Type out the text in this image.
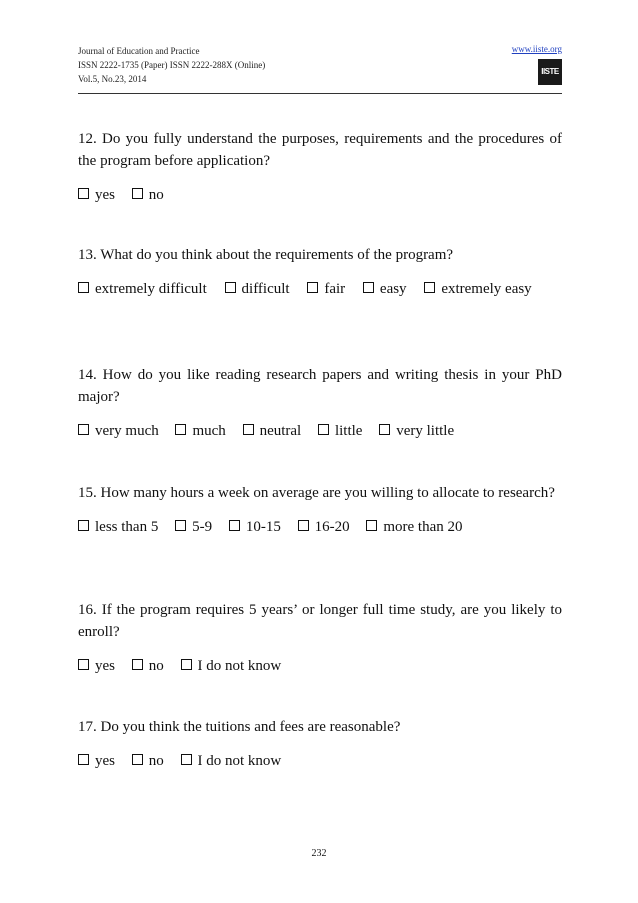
Journal of Education and Practice
ISSN 2222-1735 (Paper) ISSN 2222-288X (Online)
Vol.5, No.23, 2014
www.iiste.org
IISTE

12. Do you fully understand the purposes, requirements and the procedures of the program before application?

yes no

13. What do you think about the requirements of the program?

extremely difficult difficult fair easy extremely easy

14. How do you like reading research papers and writing thesis in your PhD major?

very much much neutral little very little

15. How many hours a week on average are you willing to allocate to research?

less than 5 5-9 10-15 16-20 more than 20

16. If the program requires 5 years’ or longer full time study, are you likely to enroll?

yes no I do not know

17. Do you think the tuitions and fees are reasonable?

yes no I do not know
232
